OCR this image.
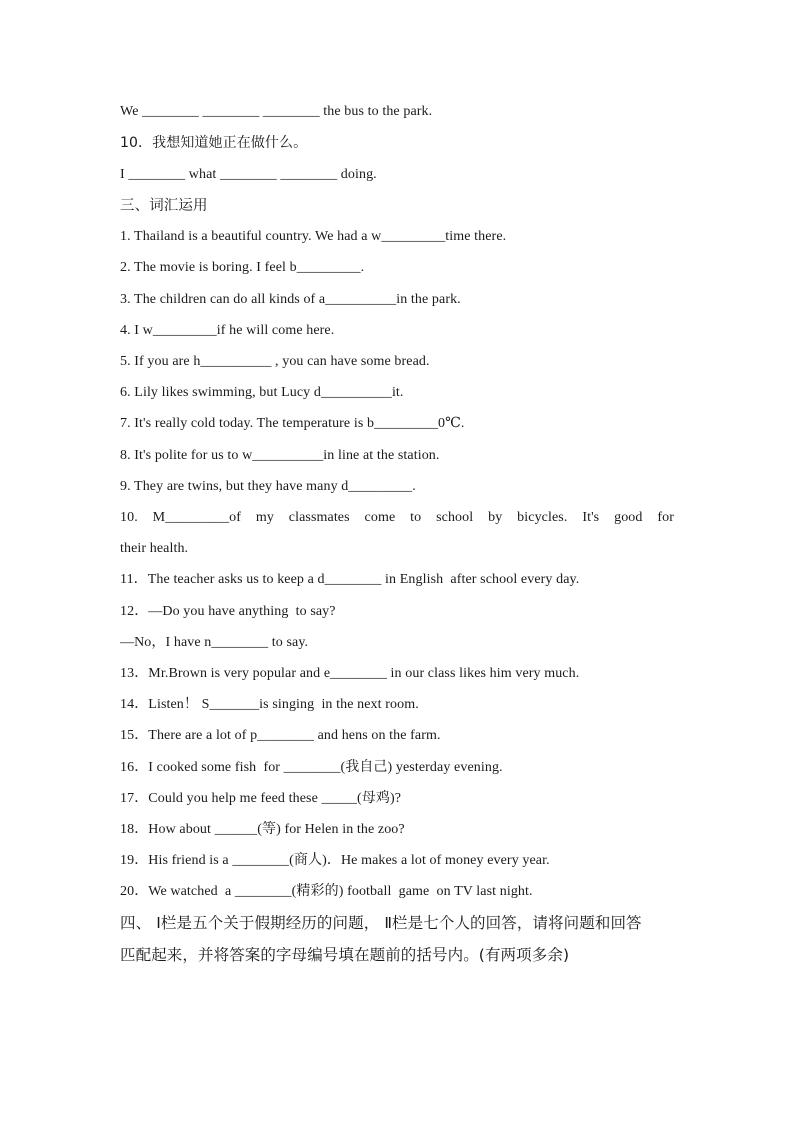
We ________ ________ ________ the bus to the park.
10．我想知道她正在做什么。
I ________ what ________ ________ doing.
三、词汇运用
1. Thailand is a beautiful country. We had a w_________time there.
2. The movie is boring. I feel b_________.
3. The children can do all kinds of a__________in the park.
4. I w_________if he will come here.
5. If you are h__________ , you can have some bread.
6. Lily likes swimming, but Lucy d__________it.
7. It's really cold today. The temperature is b_________0℃.
8. It's polite for us to w__________in line at the station.
9. They are twins, but they have many d_________.
10. M_________of my classmates come to school by bicycles. It's good for
their health.
11．The teacher asks us to keep a d________ in English  after school every day.
12．—Do you have anything  to say?
—No，I have n________ to say.
13．Mr.Brown is very popular and e________ in our class likes him very much.
14．Listen！ S_______is singing  in the next room.
15．There are a lot of p________ and hens on the farm.
16．I cooked some fish  for ________(我自己) yesterday evening.
17．Could you help me feed these _____(母鸡)?
18．How about ______(等) for Helen in the zoo?
19．His friend is a ________(商人)．He makes a lot of money every year.
20．We watched  a ________(精彩的) football  game  on TV last night.
四、 Ⅰ栏是五个关于假期经历的问题， Ⅱ栏是七个人的回答，请将问题和回答
匹配起来，并将答案的字母编号填在题前的括号内。(有两项多余)
